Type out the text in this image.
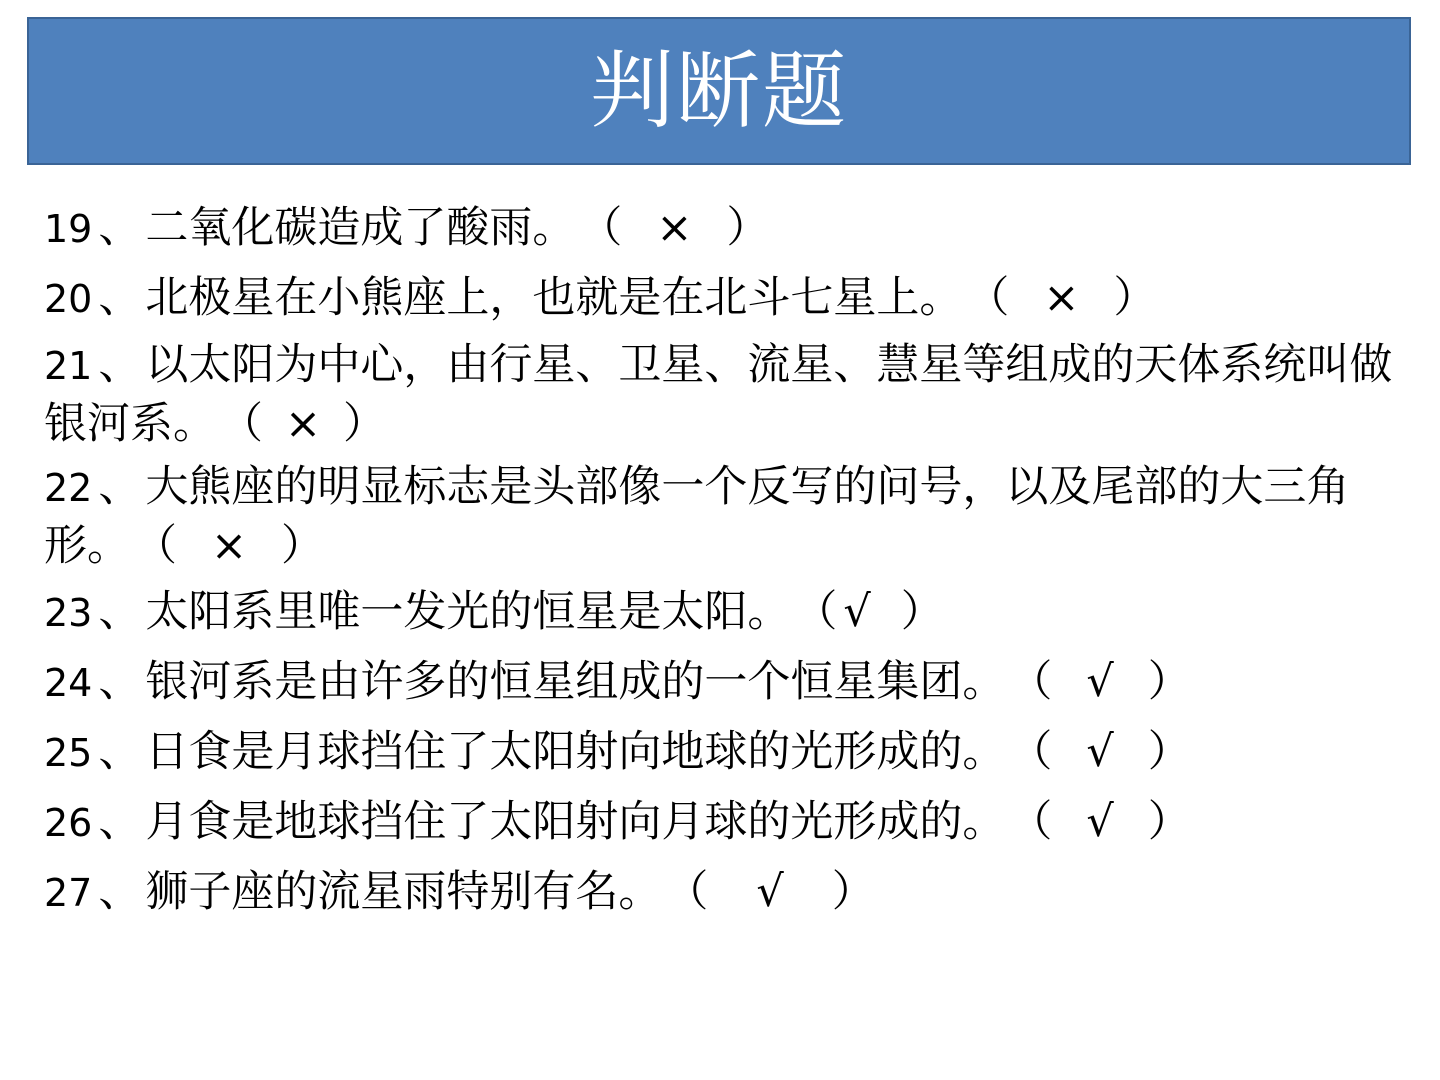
判断题
19 、二氧化碳造成了酸雨。（ × ）
20 、北极星在小熊座上，也就是在北斗七星上。（ × ）
21 、以太阳为中心，由行星、卫星、流星、慧星等组成的天体系统叫做银河系。（ × ）
22 、大熊座的明显标志是头部像一个反写的问号，以及尾部的大三角形。（ × ）
23 、太阳系里唯一发光的恒星是太阳。（ √ ）
24 、银河系是由许多的恒星组成的一个恒星集团。（ √ ）
25 、日食是月球挡住了太阳射向地球的光形成的。（ √ ）
26 、月食是地球挡住了太阳射向月球的光形成的。（ √ ）
27 、狮子座的流星雨特别有名。（ √ ）
